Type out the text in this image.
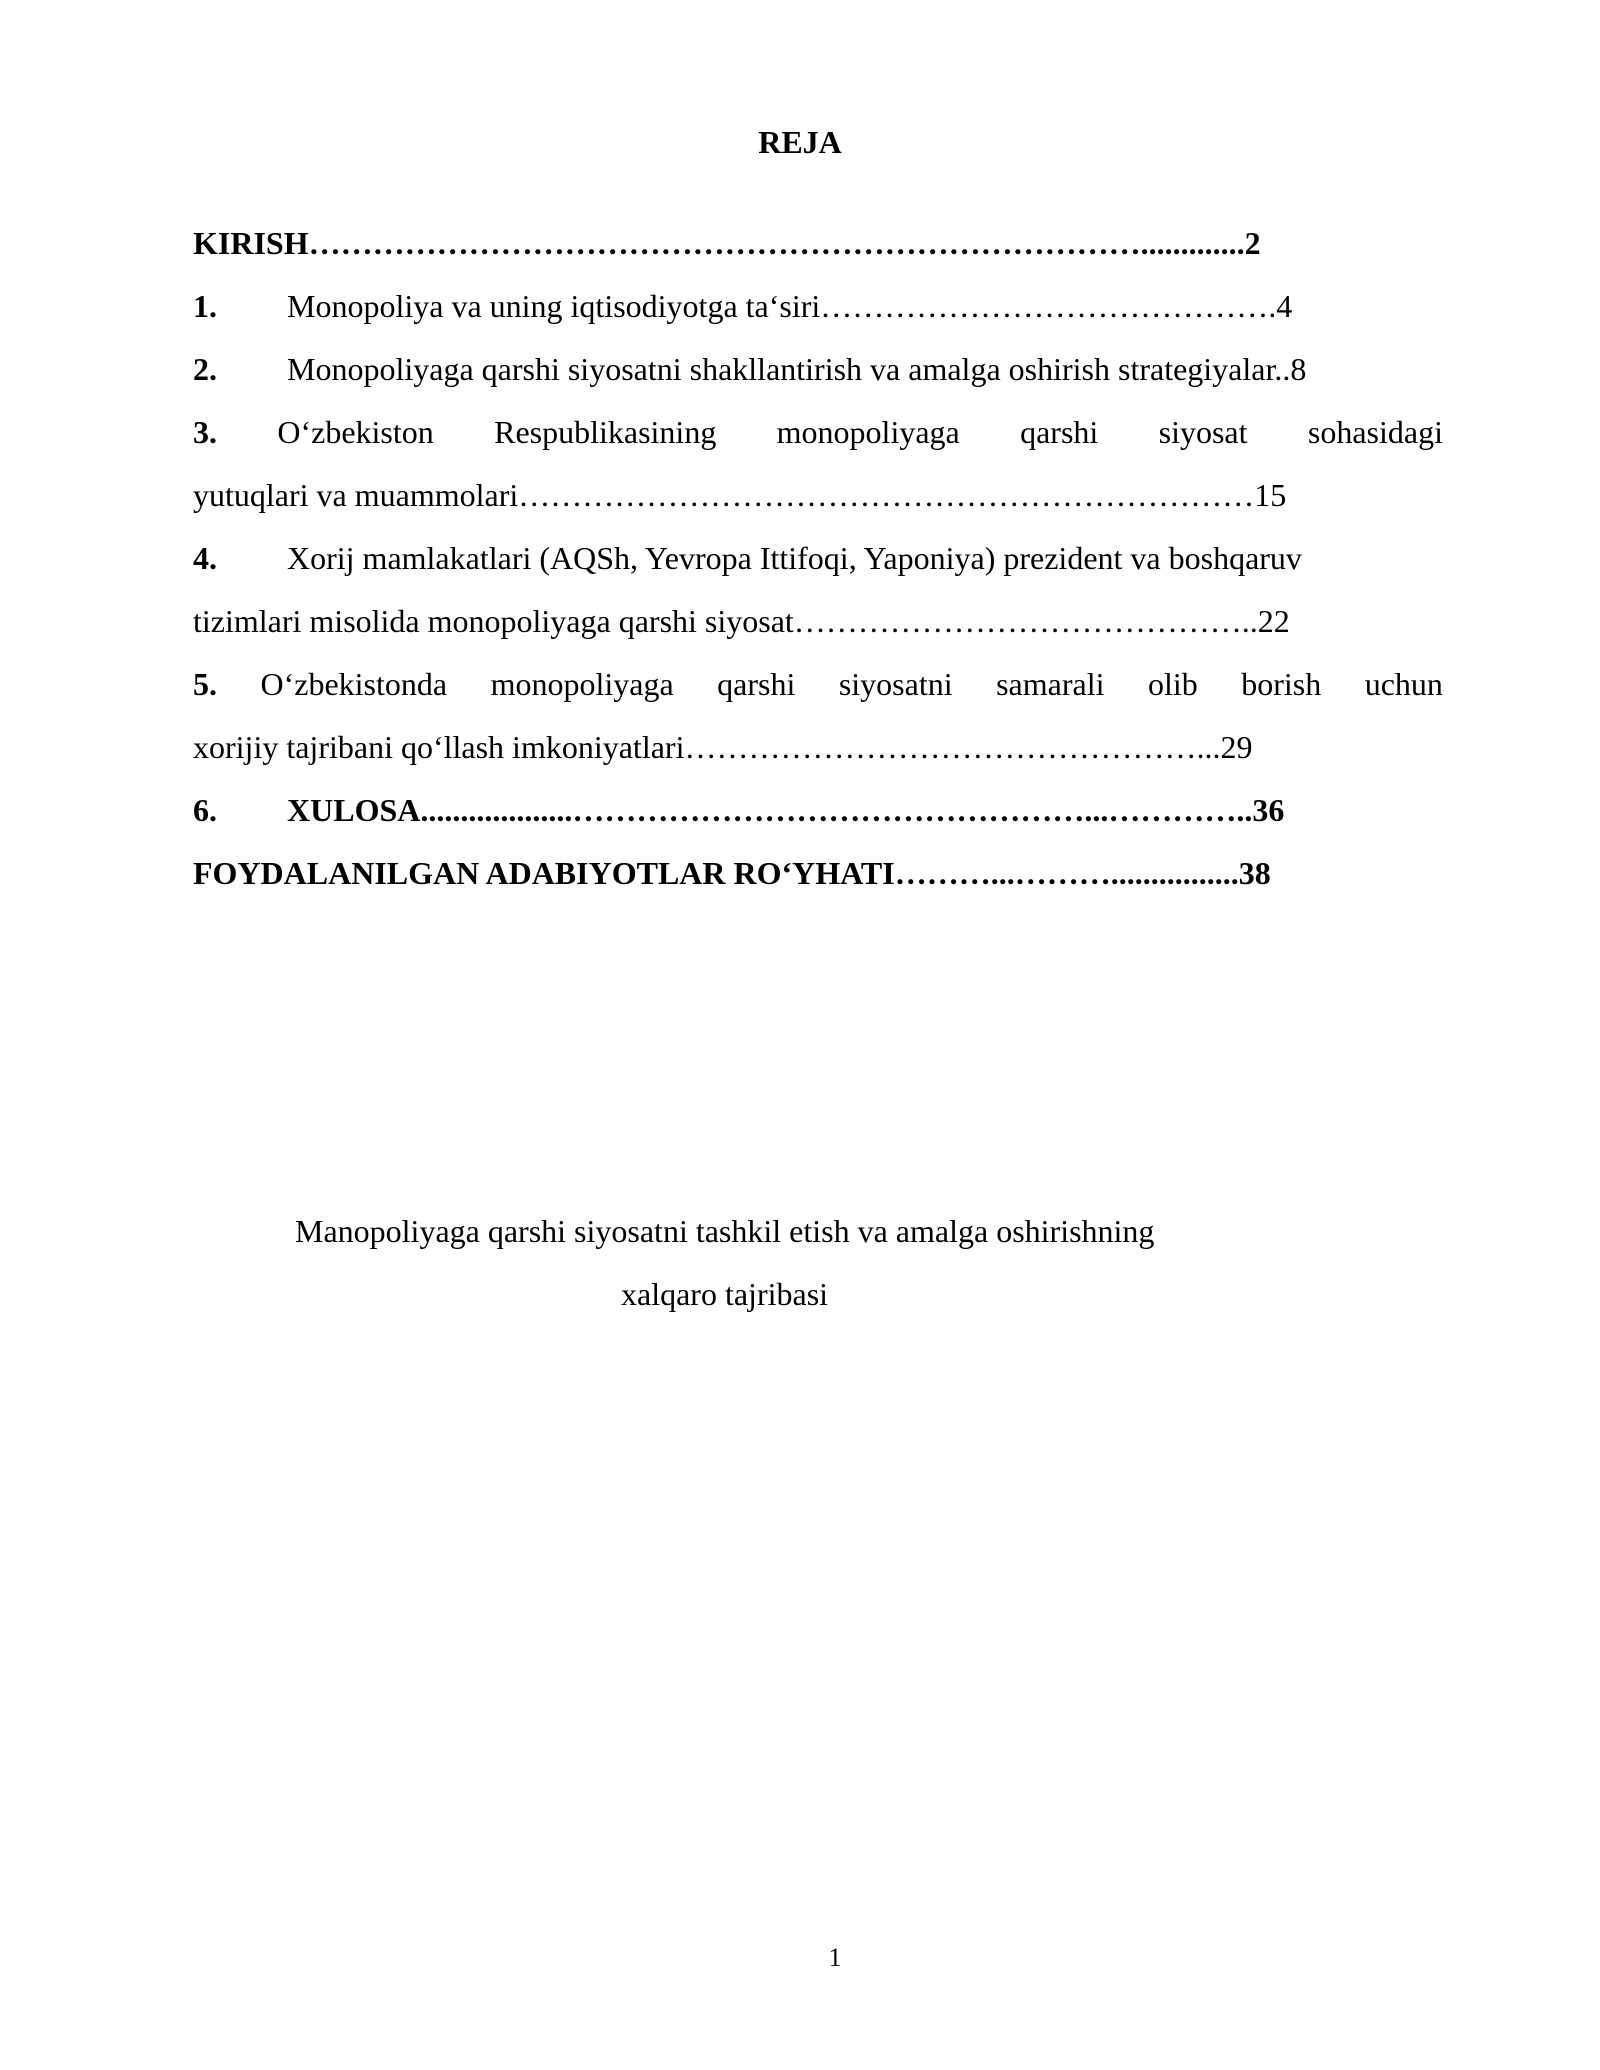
REJA
KIRISH…………………………………………………………………….............2
1. Monopoliya va uning iqtisodiyotga ta‘siri…………………………………….4
2. Monopoliyaga qarshi siyosatni shakllantirish va amalga oshirish strategiyalar..8
3. O‘zbekiston Respublikasining monopoliyaga qarshi siyosat sohasidagi
yutuqlari va muammolari……………………………………………………………15
4. Xorij mamlakatlari (AQSh, Yevropa Ittifoqi, Yaponiya) prezident va boshqaruv
tizimlari misolida monopoliyaga qarshi siyosat……………………………………..22
5. O‘zbekistonda monopoliyaga qarshi siyosatni samarali olib borish uchun
xorijiy tajribani qo‘llash imkoniyatlari…………………………………………...29
6. XULOSA...................…………………………………………...…………..36
FOYDALANILGAN ADABIYOTLAR RO‘YHATI………...………................38
Manopoliyaga qarshi siyosatni tashkil etish va amalga oshirishning
xalqaro tajribasi
1
